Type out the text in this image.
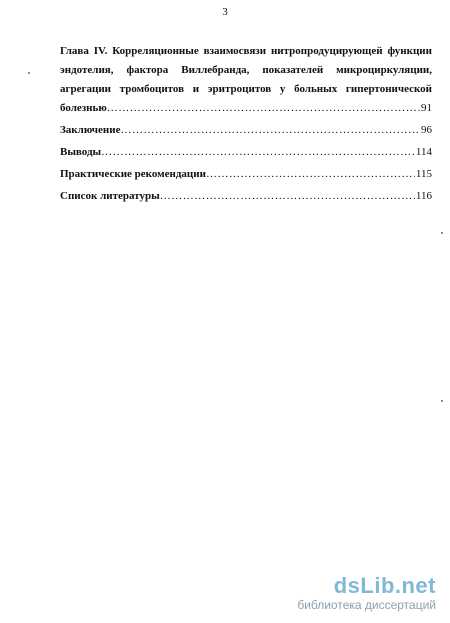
3
Глава IV. Корреляционные взаимосвязи нитропродуцирующей функции
эндотелия, фактора Виллебранда, показателей микроциркуляции,
агрегации тромбоцитов и эритроцитов у больных гипертонической
болезнью …………………………………………………………………………………………………………………………………………	91
Заключение …………………………………………………………………………………………………………………………………………	96
Выводы …………………………………………………………………………………………………………………………………………	114
Практические рекомендации …………………………………………………………………………………………………………………………………………	115
Список литературы …………………………………………………………………………………………………………………………………………	116
dsLib.net
библиотека диссертаций
